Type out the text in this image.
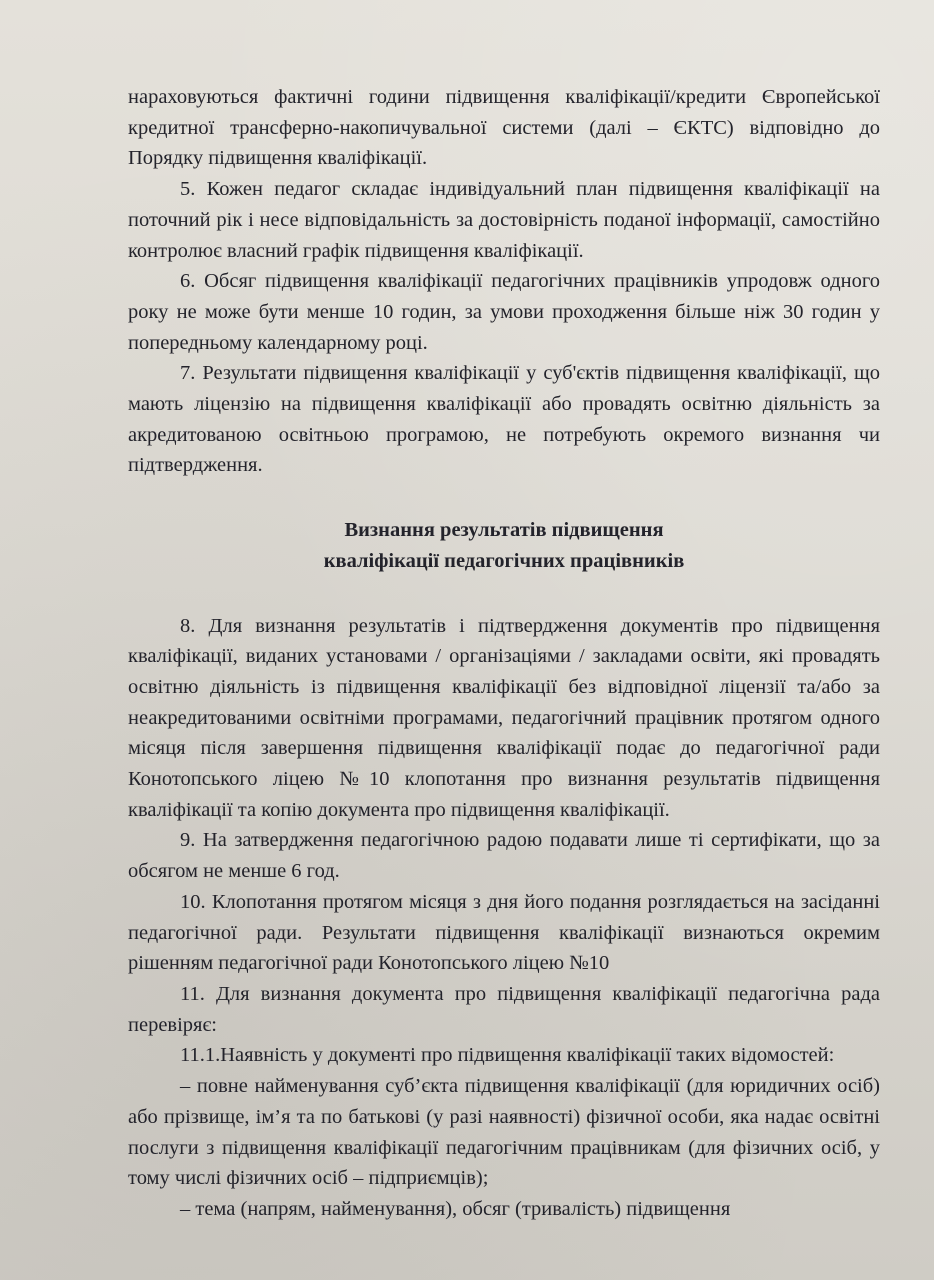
нараховуються фактичні години підвищення кваліфікації/кредити Європейської кредитної трансферно-накопичувальної системи (далі – ЄКТС) відповідно до Порядку підвищення кваліфікації.

5. Кожен педагог складає індивідуальний план підвищення кваліфікації на поточний рік і несе відповідальність за достовірність поданої інформації, самостійно контролює власний графік підвищення кваліфікації.

6. Обсяг підвищення кваліфікації педагогічних працівників упродовж одного року не може бути менше 10 годин, за умови проходження більше ніж 30 годин у попередньому календарному році.

7. Результати підвищення кваліфікації у суб'єктів підвищення кваліфікації, що мають ліцензію на підвищення кваліфікації або провадять освітню діяльність за акредитованою освітньою програмою, не потребують окремого визнання чи підтвердження.

Визнання результатів підвищення
кваліфікації педагогічних працівників

8. Для визнання результатів і підтвердження документів про підвищення кваліфікації, виданих установами / організаціями / закладами освіти, які провадять освітню діяльність із підвищення кваліфікації без відповідної ліцензії та/або за неакредитованими освітніми програмами, педагогічний працівник протягом одного місяця після завершення підвищення кваліфікації подає до педагогічної ради Конотопського ліцею №10 клопотання про визнання результатів підвищення кваліфікації та копію документа про підвищення кваліфікації.

9. На затвердження педагогічною радою подавати лише ті сертифікати, що за обсягом не менше 6 год.

10. Клопотання протягом місяця з дня його подання розглядається на засіданні педагогічної ради. Результати підвищення кваліфікації визнаються окремим рішенням педагогічної ради Конотопського ліцею №10

11. Для визнання документа про підвищення кваліфікації педагогічна рада перевіряє:

11.1.Наявність у документі про підвищення кваліфікації таких відомостей:

– повне найменування суб’єкта підвищення кваліфікації (для юридичних осіб) або прізвище, ім’я та по батькові (у разі наявності) фізичної особи, яка надає освітні послуги з підвищення кваліфікації педагогічним працівникам (для фізичних осіб, у тому числі фізичних осіб – підприємців);

– тема (напрям, найменування), обсяг (тривалість) підвищення
